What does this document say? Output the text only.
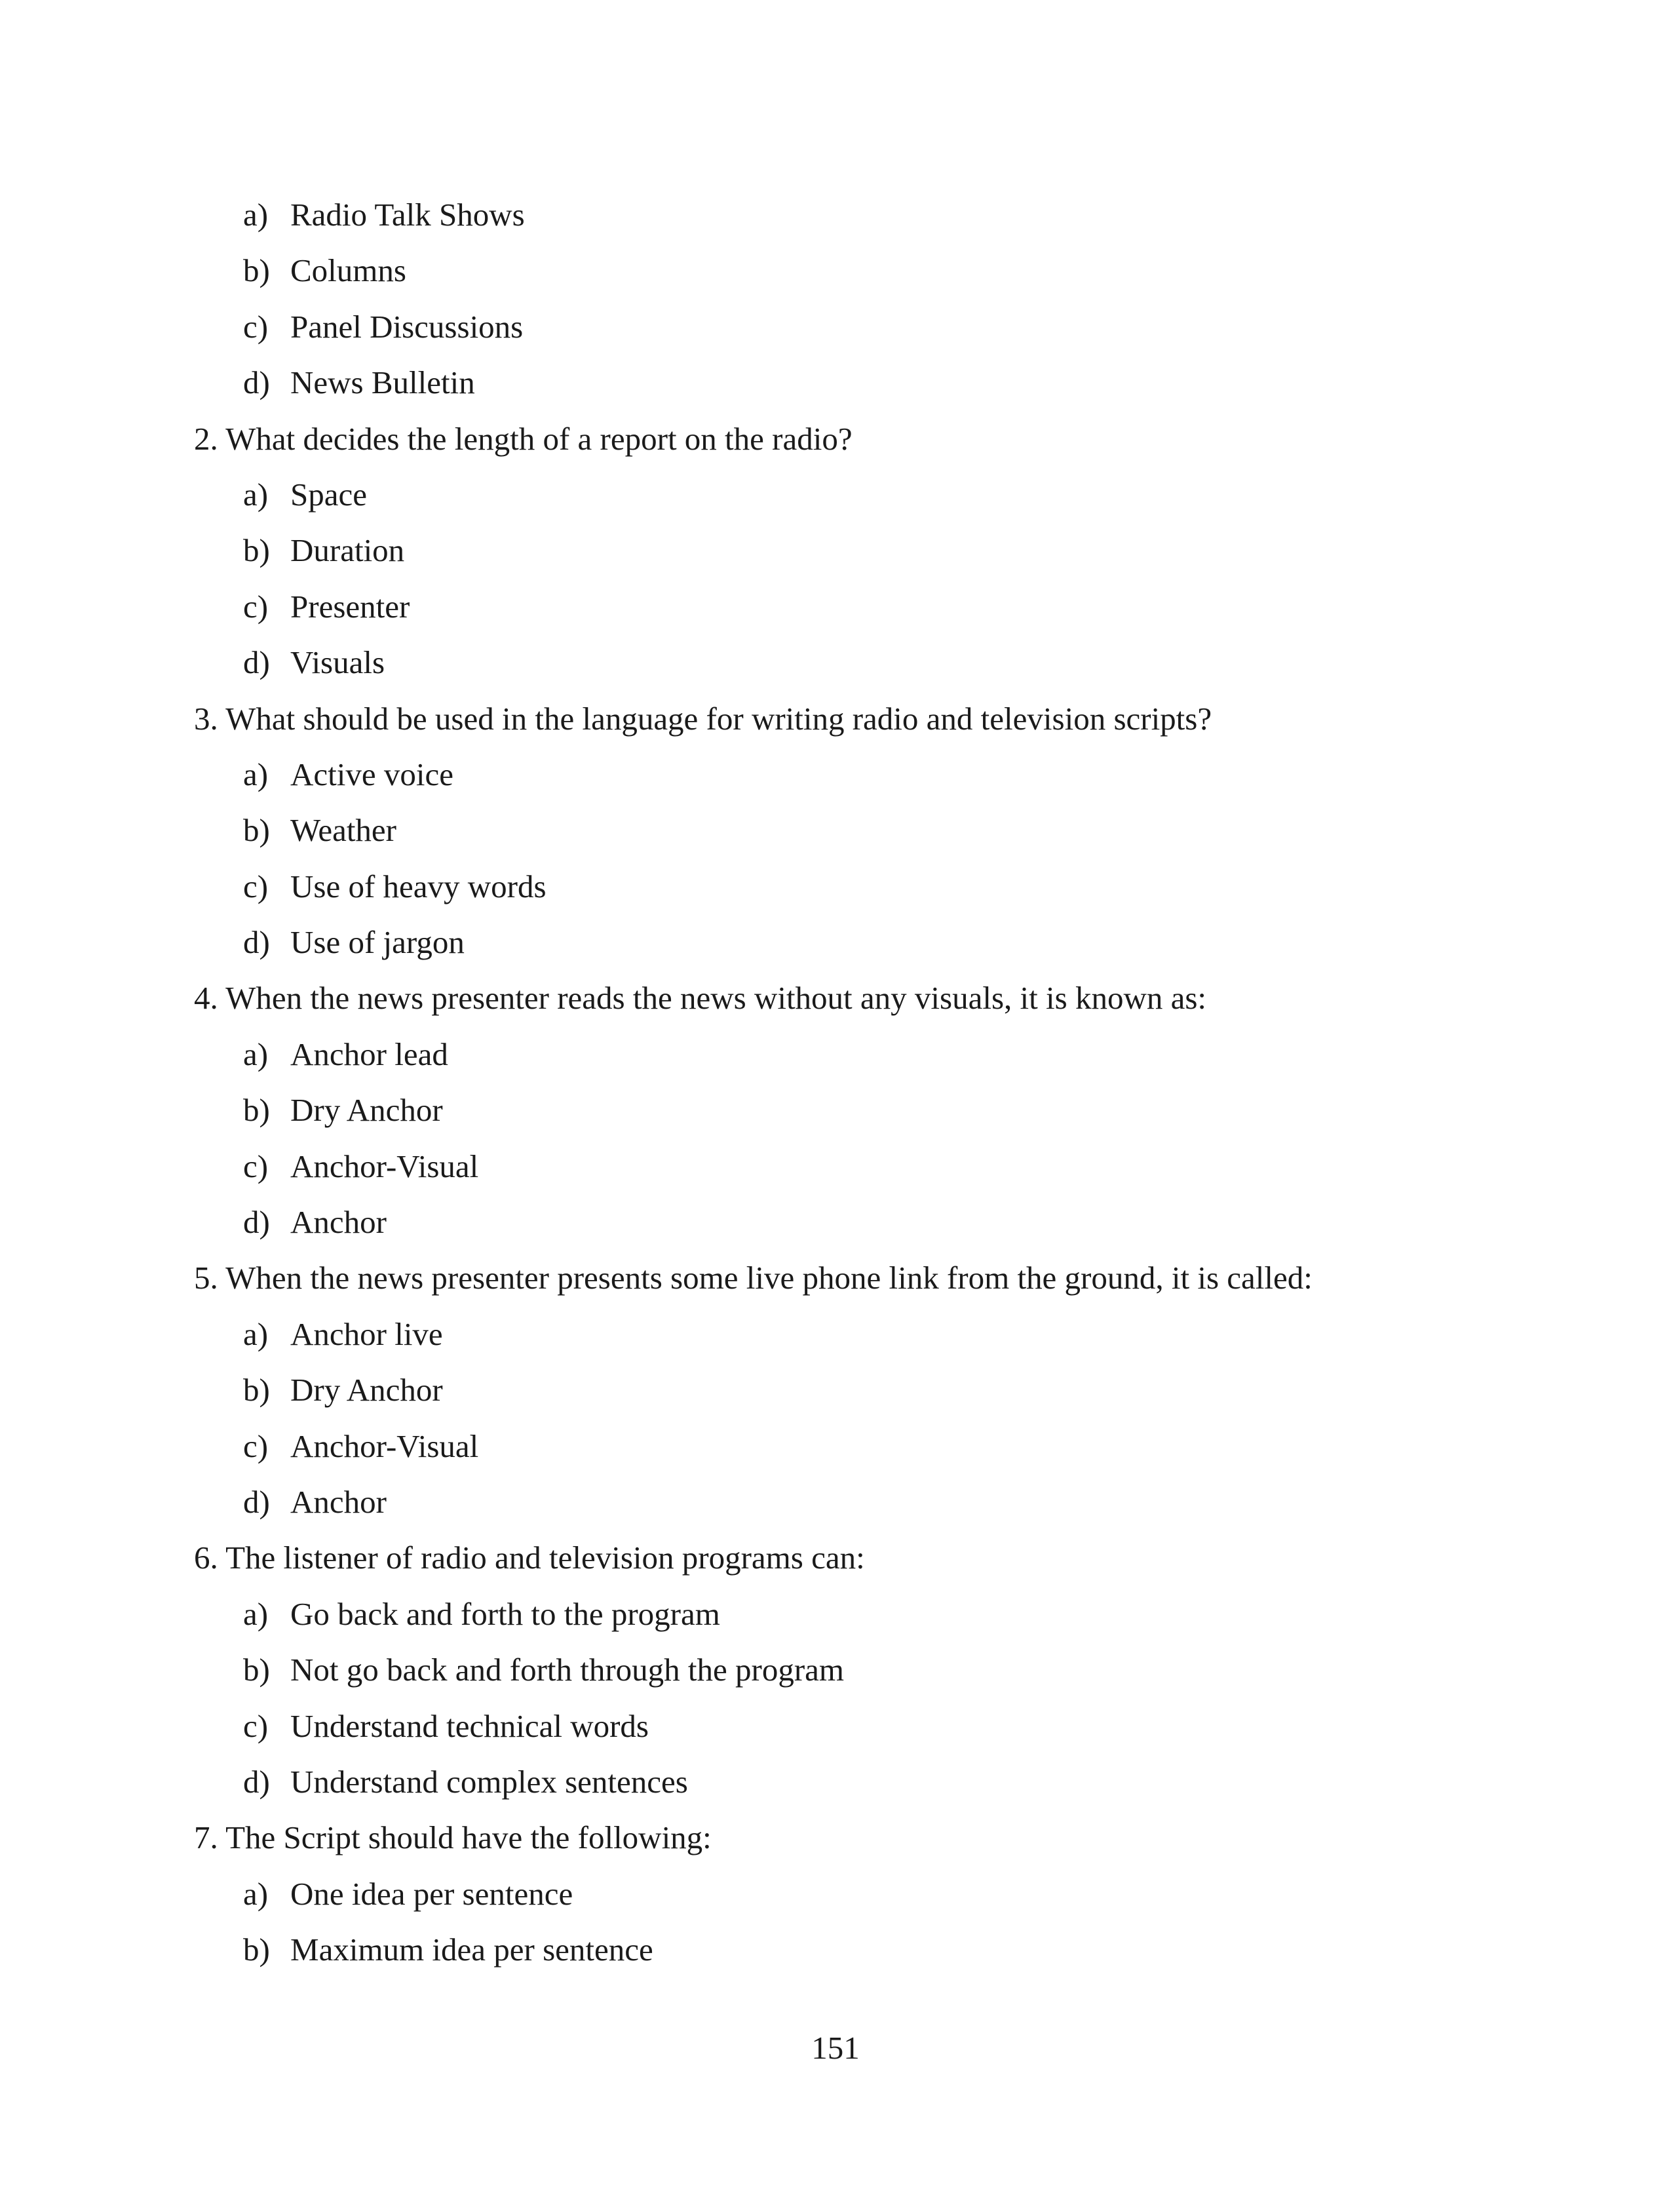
a) Radio Talk Shows
b) Columns
c) Panel Discussions
d) News Bulletin
2. What decides the length of a report on the radio?
a) Space
b) Duration
c) Presenter
d) Visuals
3. What should be used in the language for writing radio and television scripts?
a) Active voice
b) Weather
c) Use of heavy words
d) Use of jargon
4. When the news presenter reads the news without any visuals, it is known as:
a) Anchor lead
b) Dry Anchor
c) Anchor-Visual
d) Anchor
5. When the news presenter presents some live phone link from the ground, it is called:
a) Anchor live
b) Dry Anchor
c) Anchor-Visual
d) Anchor
6. The listener of radio and television programs can:
a) Go back and forth to the program
b) Not go back and forth through the program
c) Understand technical words
d) Understand complex sentences
7. The Script should have the following:
a) One idea per sentence
b) Maximum idea per sentence
151
